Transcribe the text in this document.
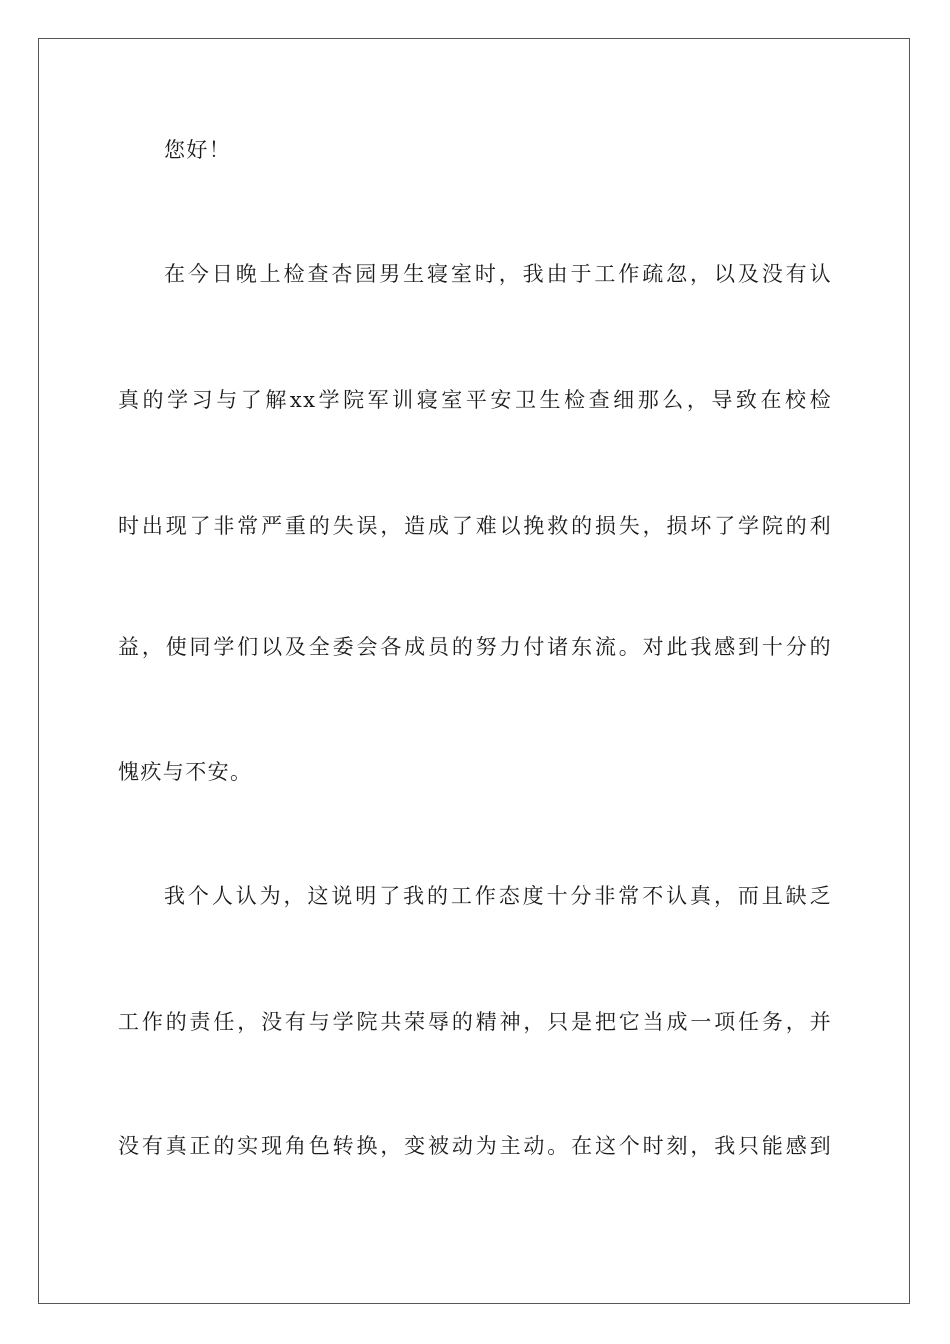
您好！
在今日晚上检查杏园男生寝室时，我由于工作疏忽，以及没有认
真的学习与了解xx学院军训寝室平安卫生检查细那么，导致在校检
时出现了非常严重的失误，造成了难以挽救的损失，损坏了学院的利
益，使同学们以及全委会各成员的努力付诸东流。对此我感到十分的
愧疚与不安。
我个人认为，这说明了我的工作态度十分非常不认真，而且缺乏
工作的责任，没有与学院共荣辱的精神，只是把它当成一项任务，并
没有真正的实现角色转换，变被动为主动。在这个时刻，我只能感到
